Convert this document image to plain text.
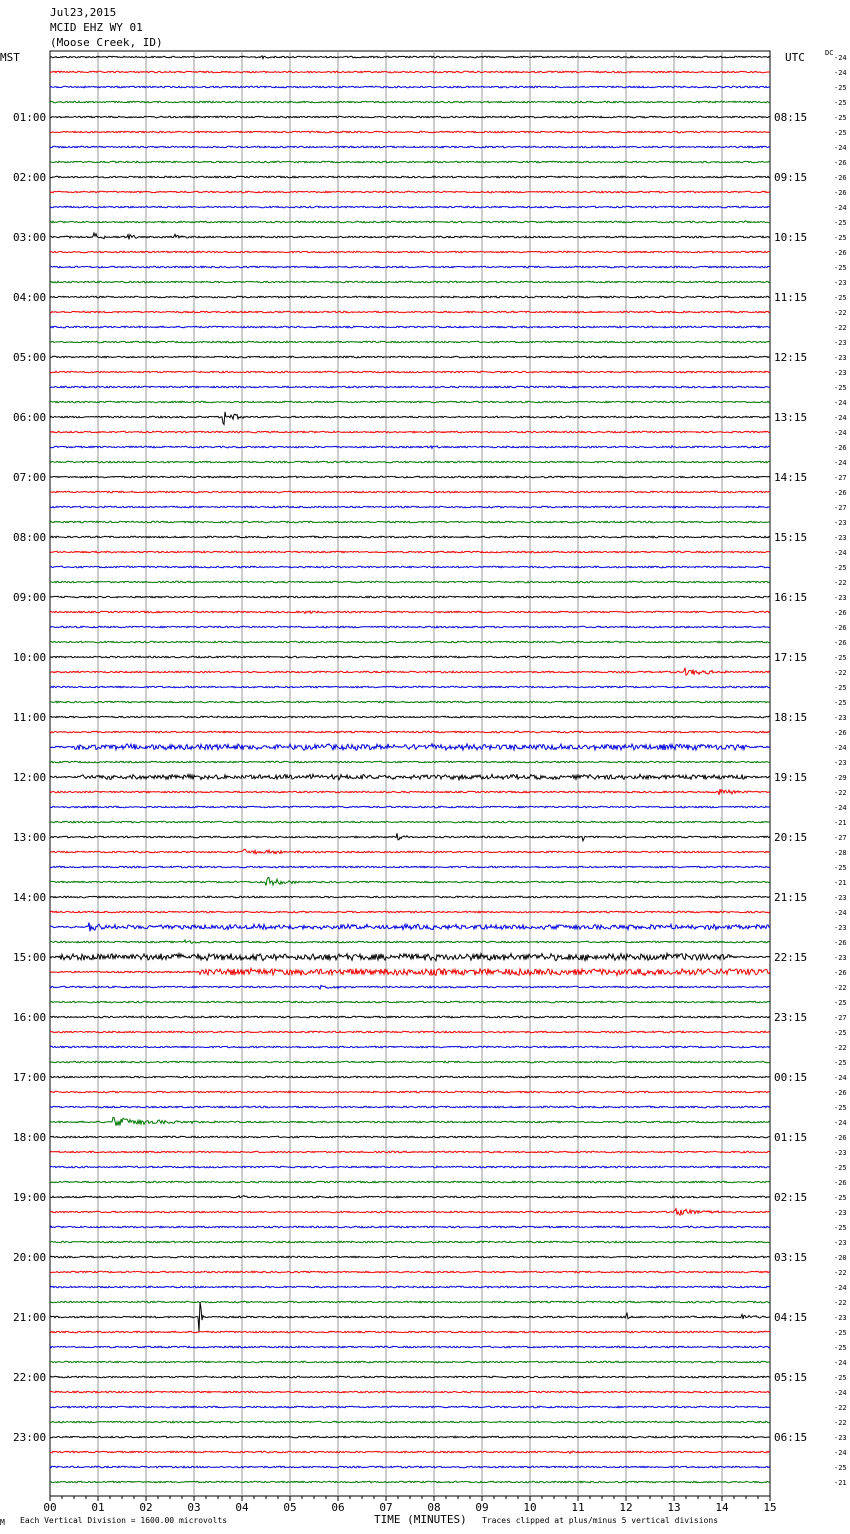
Jul23,2015
MCID EHZ WY 01
(Moose Creek, ID)
MST	UTC	DC
-24
-24
-25
-25
-25
-25
-24
-26
-26
-26
-24
-25
-25
-26
-25
-23
-25
-22
-22
-23
-23
-23
-25
-24
-24
-24
-26
-24
-27
-26
-27
-23
-23
-24
-25
-22
-23
-26
-26
-26
-25
-22
-25
-25
-23
-26
-24
-23
-29
-22
-24
-21
-27
-28
-25
-21
-23
-24
-23
-26
-23
-26
-22
-25
-27
-25
-22
-25
-24
-26
-25
-24
-26
-23
-25
-26
-25
-23
-25
-23
-20
-22
-24
-22
-23
-25
-25
-24
-25
-24
-22
-22
-23
-24
-25
-21
01:00	08:15
02:00	09:15
03:00	10:15
04:00	11:15
05:00	12:15
06:00	13:15
07:00	14:15
08:00	15:15
09:00	16:15
10:00	17:15
11:00	18:15
12:00	19:15
13:00	20:15
14:00	21:15
15:00	22:15
16:00	23:15
17:00	00:15
18:00	01:15
19:00	02:15
20:00	03:15
21:00	04:15
22:00	05:15
23:00	06:15
00	01	02	03	04	05	06	07	08	09	10	11	12	13	14	15
M Each Vertical Division = 1600.00 microvolts	TIME (MINUTES) Traces clipped at plus/minus 5 vertical divisions
